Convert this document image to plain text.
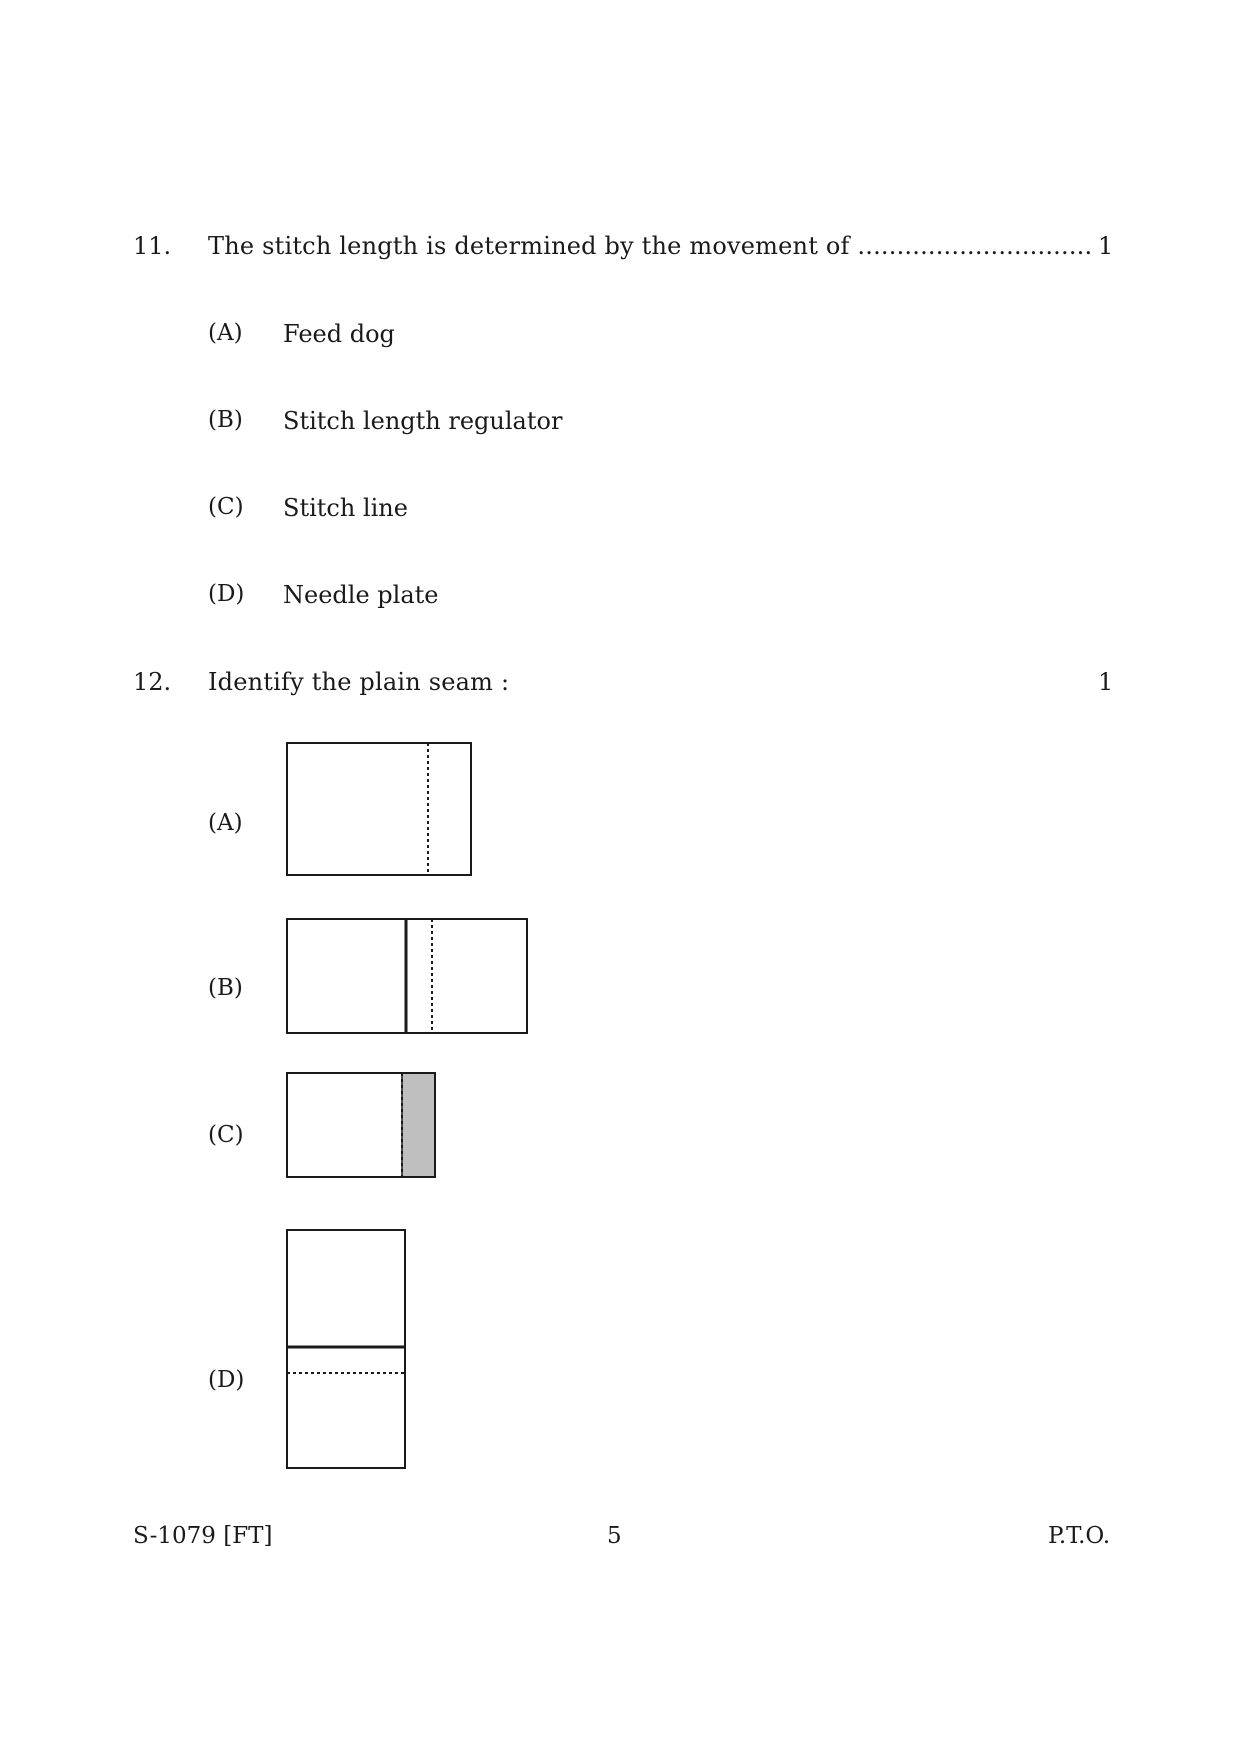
11. The stitch length is determined by the movement of .............................. 1
(A) Feed dog
(B) Stitch length regulator
(C) Stitch line
(D) Needle plate
12. Identify the plain seam :	1
(A)
(B)
(C)
(D)
S-1079 [FT]	5	P.T.O.
